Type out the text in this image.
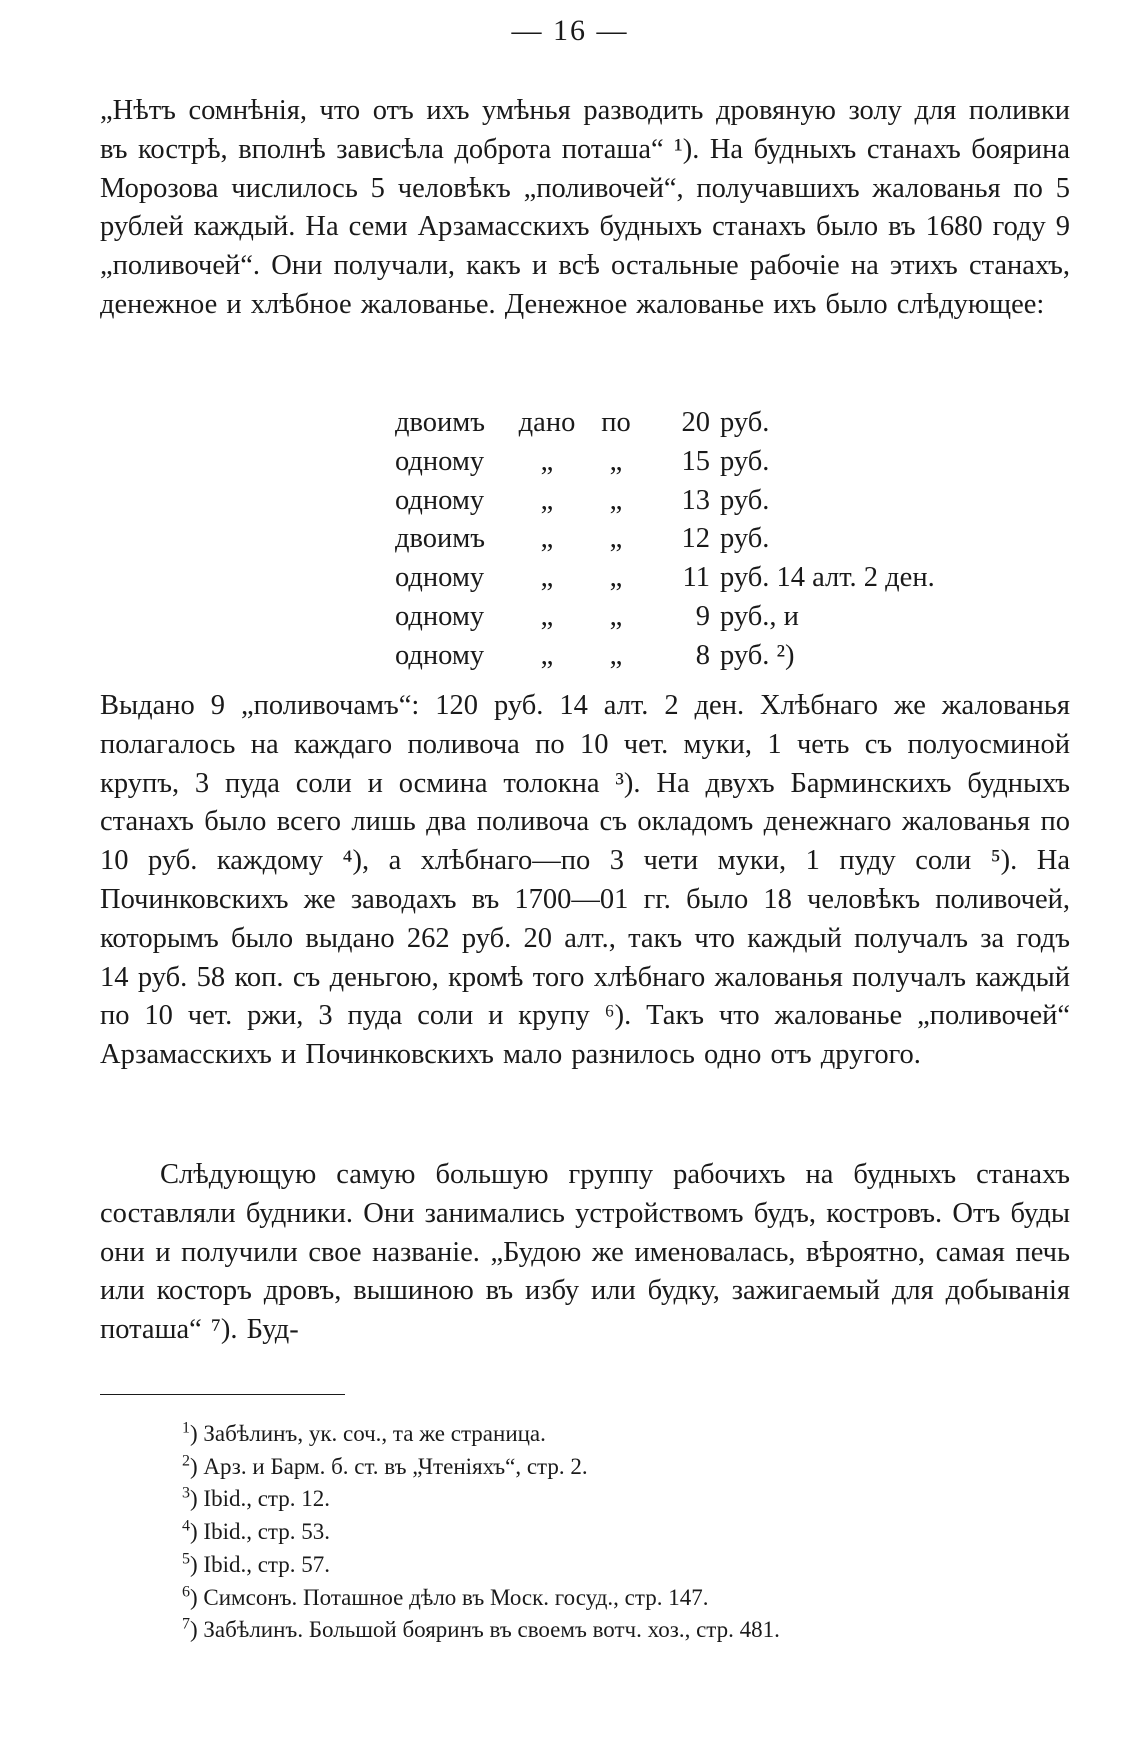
— 16 —
„Нѣтъ сомнѣнія, что отъ ихъ умѣнья разводить дровяную золу для поливки въ кострѣ, вполнѣ зависѣла доброта поташа“ ¹). На будныхъ станахъ боярина Морозова числилось 5 человѣкъ „поливочей“, получавшихъ жалованья по 5 рублей каждый. На семи Арзамасскихъ будныхъ станахъ было въ 1680 году 9 „поливочей“. Они получали, какъ и всѣ остальные рабочіе на этихъ станахъ, денежное и хлѣбное жалованье. Денежное жалованье ихъ было слѣдующее:
двоимъ	дано	по	20	руб.
одному	„	„	15	руб.
одному	„	„	13	руб.
двоимъ	„	„	12	руб.
одному	„	„	11	руб. 14 алт. 2 ден.
одному	„	„	9	руб., и
одному	„	„	8	руб. ²)
Выдано 9 „поливочамъ“: 120 руб. 14 алт. 2 ден. Хлѣбнаго же жалованья полагалось на каждаго поливоча по 10 чет. муки, 1 четь съ полуосминой крупъ, 3 пуда соли и осмина толокна ³). На двухъ Барминскихъ будныхъ станахъ было всего лишь два поливоча съ окладомъ денежнаго жалованья по 10 руб. каждому ⁴), а хлѣбнаго—по 3 чети муки, 1 пуду соли ⁵). На Починковскихъ же заводахъ въ 1700—01 гг. было 18 человѣкъ поливочей, которымъ было выдано 262 руб. 20 алт., такъ что каждый получалъ за годъ 14 руб. 58 коп. съ деньгою, кромѣ того хлѣбнаго жалованья получалъ каждый по 10 чет. ржи, 3 пуда соли и крупу ⁶). Такъ что жалованье „поливочей“ Арзамасскихъ и Починковскихъ мало разнилось одно отъ другого.
Слѣдующую самую большую группу рабочихъ на будныхъ станахъ составляли будники. Они занимались устройствомъ будъ, костровъ. Отъ буды они и получили свое названіе. „Будою же именовалась, вѣроятно, самая печь или косторъ дровъ, вышиною въ избу или будку, зажигаемый для добыванія поташа“ ⁷). Буд-
$^1$) Забѣлинъ, ук. соч., та же страница.
$^2$) Арз. и Барм. б. ст. въ „Чтеніяхъ“, стр. 2.
$^3$) Ibid., стр. 12.
$^4$) Ibid., стр. 53.
$^5$) Ibid., стр. 57.
$^6$) Симсонъ. Поташное дѣло въ Моск. госуд., стр. 147.
$^7$) Забѣлинъ. Большой бояринъ въ своемъ вотч. хоз., стр. 481.
